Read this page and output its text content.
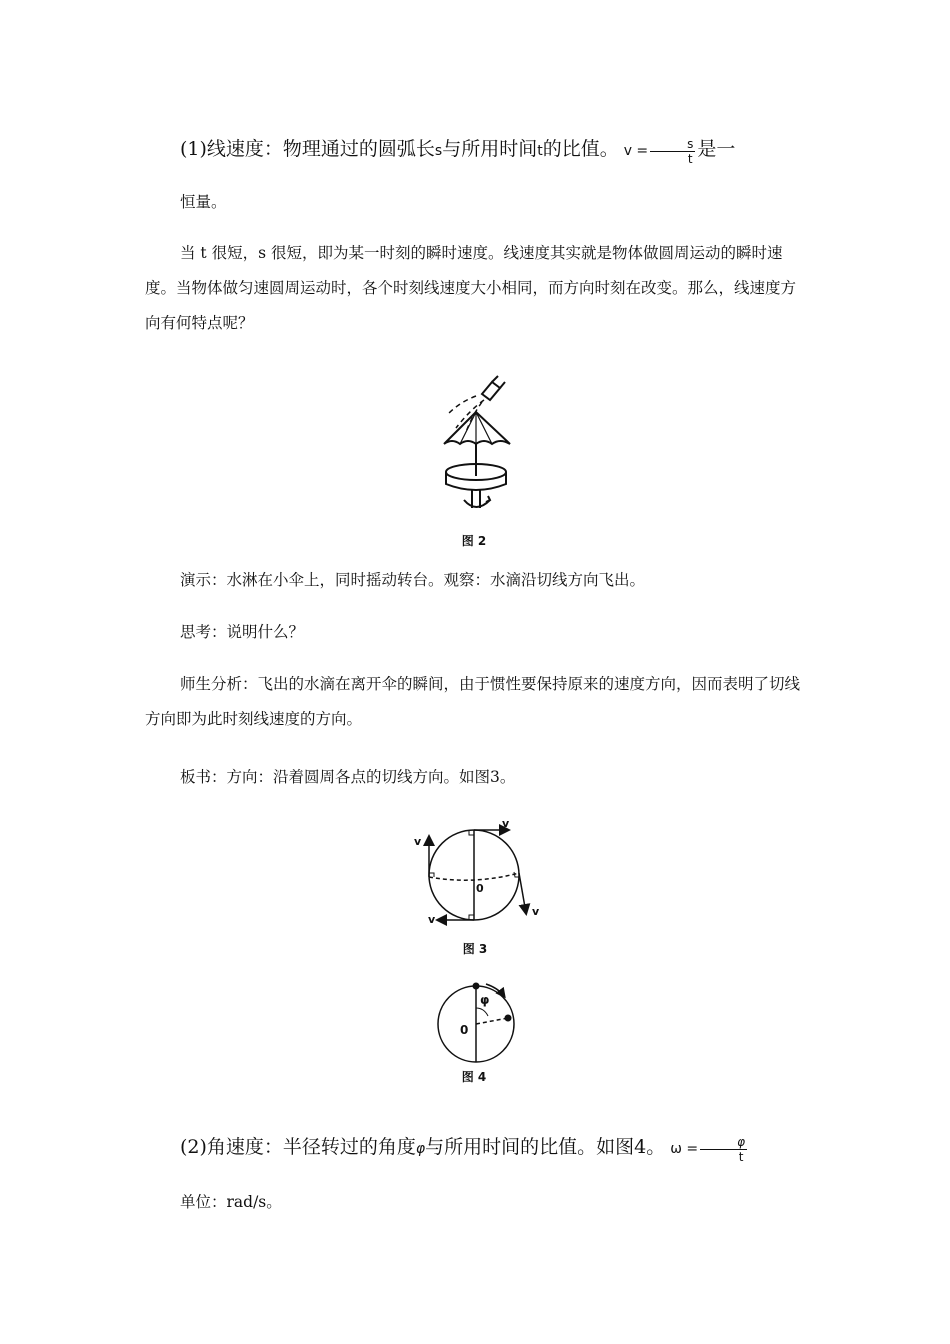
(1)线速度：物理通过的圆弧长s与所用时间t的比值。 $v = \frac{s}{t}$ 是一
恒量。
当 t 很短，s 很短，即为某一时刻的瞬时速度。线速度其实就是物体做圆周运动的瞬时速度。当物体做匀速圆周运动时，各个时刻线速度大小相同，而方向时刻在改变。那么，线速度方向有何特点呢？
图 2
演示：水淋在小伞上，同时摇动转台。观察：水滴沿切线方向飞出。
思考：说明什么？
师生分析：飞出的水滴在离开伞的瞬间，由于惯性要保持原来的速度方向，因而表明了切线方向即为此时刻线速度的方向。
板书：方向：沿着圆周各点的切线方向。如图3。
v
v
v
v
0
图 3
φ
0
图 4
(2)角速度：半径转过的角度φ与所用时间的比值。如图4。 $\omega = \frac{\varphi}{t}$
单位：rad/s。
